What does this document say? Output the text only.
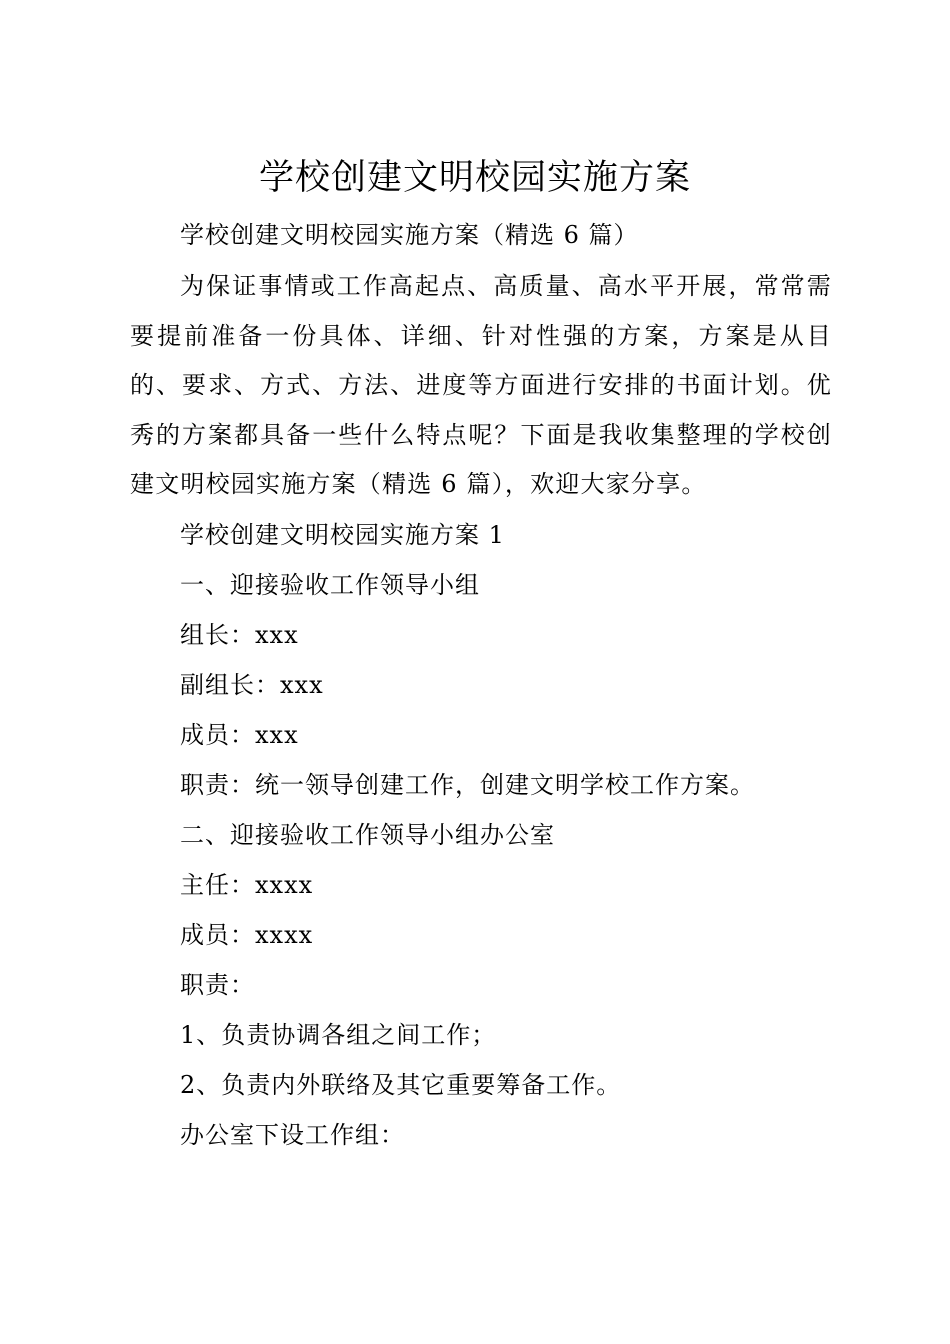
学校创建文明校园实施方案

学校创建文明校园实施方案（精选 6 篇）

为保证事情或工作高起点、高质量、高水平开展，常常需要提前准备一份具体、详细、针对性强的方案，方案是从目的、要求、方式、方法、进度等方面进行安排的书面计划。优秀的方案都具备一些什么特点呢？下面是我收集整理的学校创建文明校园实施方案（精选 6 篇），欢迎大家分享。

学校创建文明校园实施方案 1

一、迎接验收工作领导小组

组长：xxx

副组长：xxx

成员：xxx

职责：统一领导创建工作，创建文明学校工作方案。

二、迎接验收工作领导小组办公室

主任：xxxx

成员：xxxx

职责：

1、负责协调各组之间工作；

2、负责内外联络及其它重要筹备工作。

办公室下设工作组：
